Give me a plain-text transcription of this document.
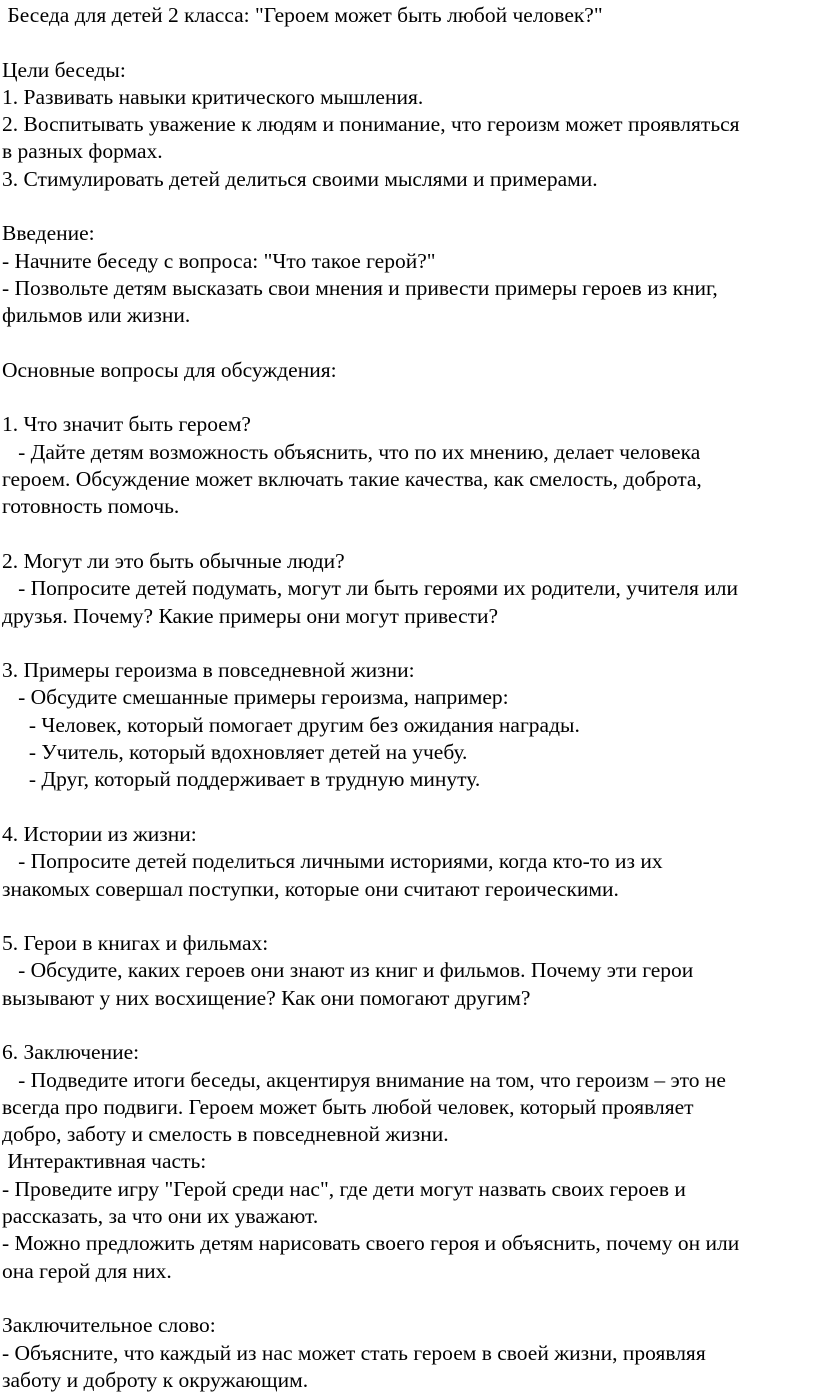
Беседа для детей 2 класса: "Героем может быть любой человек?"
Цели беседы:
1. Развивать навыки критического мышления.
2. Воспитывать уважение к людям и понимание, что героизм может проявляться
в разных формах.
3. Стимулировать детей делиться своими мыслями и примерами.
Введение:
- Начните беседу с вопроса: "Что такое герой?"
- Позвольте детям высказать свои мнения и привести примеры героев из книг,
фильмов или жизни.
Основные вопросы для обсуждения:
1. Что значит быть героем?
- Дайте детям возможность объяснить, что по их мнению, делает человека
героем. Обсуждение может включать такие качества, как смелость, доброта,
готовность помочь.
2. Могут ли это быть обычные люди?
- Попросите детей подумать, могут ли быть героями их родители, учителя или
друзья. Почему? Какие примеры они могут привести?
3. Примеры героизма в повседневной жизни:
- Обсудите смешанные примеры героизма, например:
- Человек, который помогает другим без ожидания награды.
- Учитель, который вдохновляет детей на учебу.
- Друг, который поддерживает в трудную минуту.
4. Истории из жизни:
- Попросите детей поделиться личными историями, когда кто-то из их
знакомых совершал поступки, которые они считают героическими.
5. Герои в книгах и фильмах:
- Обсудите, каких героев они знают из книг и фильмов. Почему эти герои
вызывают у них восхищение? Как они помогают другим?
6. Заключение:
- Подведите итоги беседы, акцентируя внимание на том, что героизм – это не
всегда про подвиги. Героем может быть любой человек, который проявляет
добро, заботу и смелость в повседневной жизни.
Интерактивная часть:
- Проведите игру "Герой среди нас", где дети могут назвать своих героев и
рассказать, за что они их уважают.
- Можно предложить детям нарисовать своего героя и объяснить, почему он или
она герой для них.
Заключительное слово:
- Объясните, что каждый из нас может стать героем в своей жизни, проявляя
заботу и доброту к окружающим.
